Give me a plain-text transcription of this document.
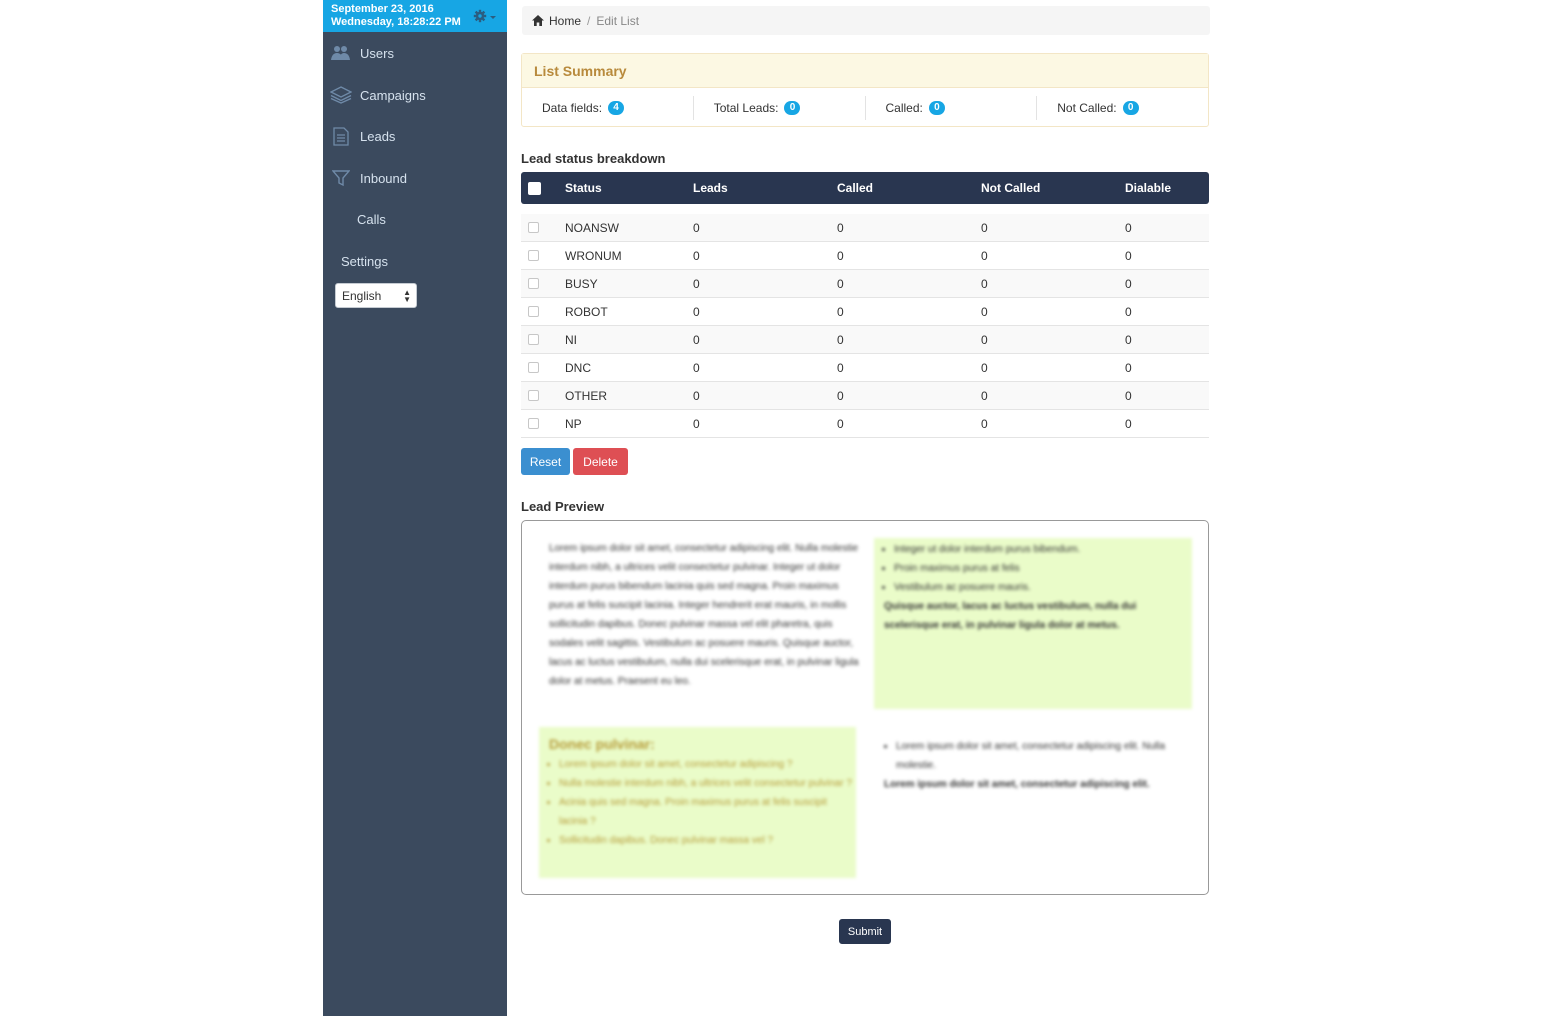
September 23, 2016
Wednesday, 18:28:22 PM
Users
Campaigns
Leads
Inbound
Calls
Settings
English	▲
▼
Home / Edit List
List Summary
Data fields:	4	Total Leads:	0	Called:	0	Not Called:	0
Lead status breakdown
Status	Leads	Called	Not Called	Dialable
NOANSW	0	0	0	0
WRONUM	0	0	0	0
BUSY	0	0	0	0
ROBOT	0	0	0	0
NI	0	0	0	0
DNC	0	0	0	0
OTHER	0	0	0	0
NP	0	0	0	0
Reset	Delete
Lead Preview
Lorem ipsum dolor sit amet, consectetur adipiscing elit. Nulla molestie interdum nibh, a ultrices velit consectetur pulvinar. Integer ut dolor interdum purus bibendum lacinia quis sed magna. Proin maximus purus at felis suscipit lacinia. Integer hendrerit erat mauris, in mollis sollicitudin dapibus. Donec pulvinar massa vel elit pharetra, quis sodales velit sagittis. Vestibulum ac posuere mauris. Quisque auctor, lacus ac luctus vestibulum, nulla dui scelerisque erat, in pulvinar ligula dolor at metus. Praesent eu leo.
• Integer ut dolor interdum purus bibendum.
• Proin maximus purus at felis
• Vestibulum ac posuere mauris.
Quisque auctor, lacus ac luctus vestibulum, nulla dui scelerisque erat, in pulvinar ligula dolor at metus.
Donec pulvinar:
• Lorem ipsum dolor sit amet, consectetur adipiscing ?
• Nulla molestie interdum nibh, a ultrices velit consectetur pulvinar ?
• Acinia quis sed magna. Proin maximus purus at felis suscipit lacinia ?
• Sollicitudin dapibus. Donec pulvinar massa vel ?
• Lorem ipsum dolor sit amet, consectetur adipiscing elit. Nulla molestie.
Lorem ipsum dolor sit amet, consectetur adipiscing elit.
Submit
